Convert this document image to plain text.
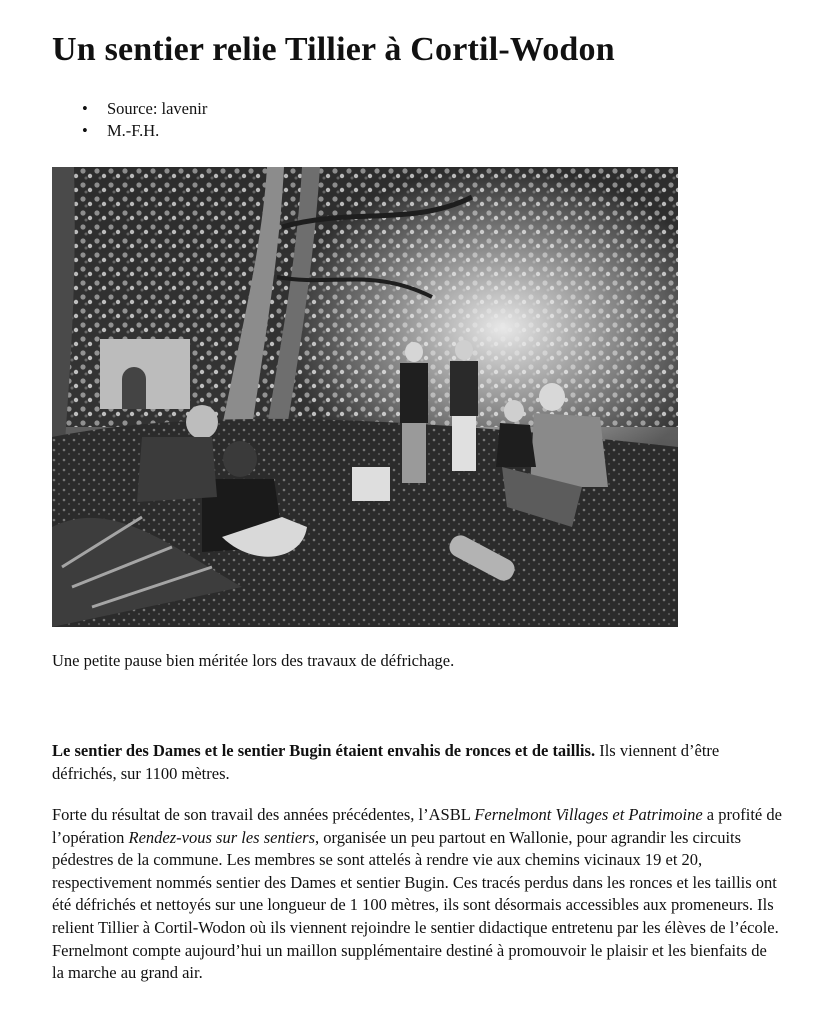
Un sentier relie Tillier à Cortil-Wodon
• Source: lavenir
• M.-F.H.

Une petite pause bien méritée lors des travaux de défrichage.

Le sentier des Dames et le sentier Bugin étaient envahis de ronces et de taillis. Ils viennent d’être défrichés, sur 1100 mètres.

Forte du résultat de son travail des années précédentes, l’ASBL Fernelmont Villages et Patrimoine a profité de l’opération Rendez-vous sur les sentiers, organisée un peu partout en Wallonie, pour agrandir les circuits pédestres de la commune. Les membres se sont attelés à rendre vie aux chemins vicinaux 19 et 20, respectivement nommés sentier des Dames et sentier Bugin. Ces tracés perdus dans les ronces et les taillis ont été défrichés et nettoyés sur une longueur de 1 100 mètres, ils sont désormais accessibles aux promeneurs. Ils relient Tillier à Cortil-Wodon où ils viennent rejoindre le sentier didactique entretenu par les élèves de l’école. Fernelmont compte aujourd’hui un maillon supplémentaire destiné à promouvoir le plaisir et les bienfaits de la marche au grand air.
